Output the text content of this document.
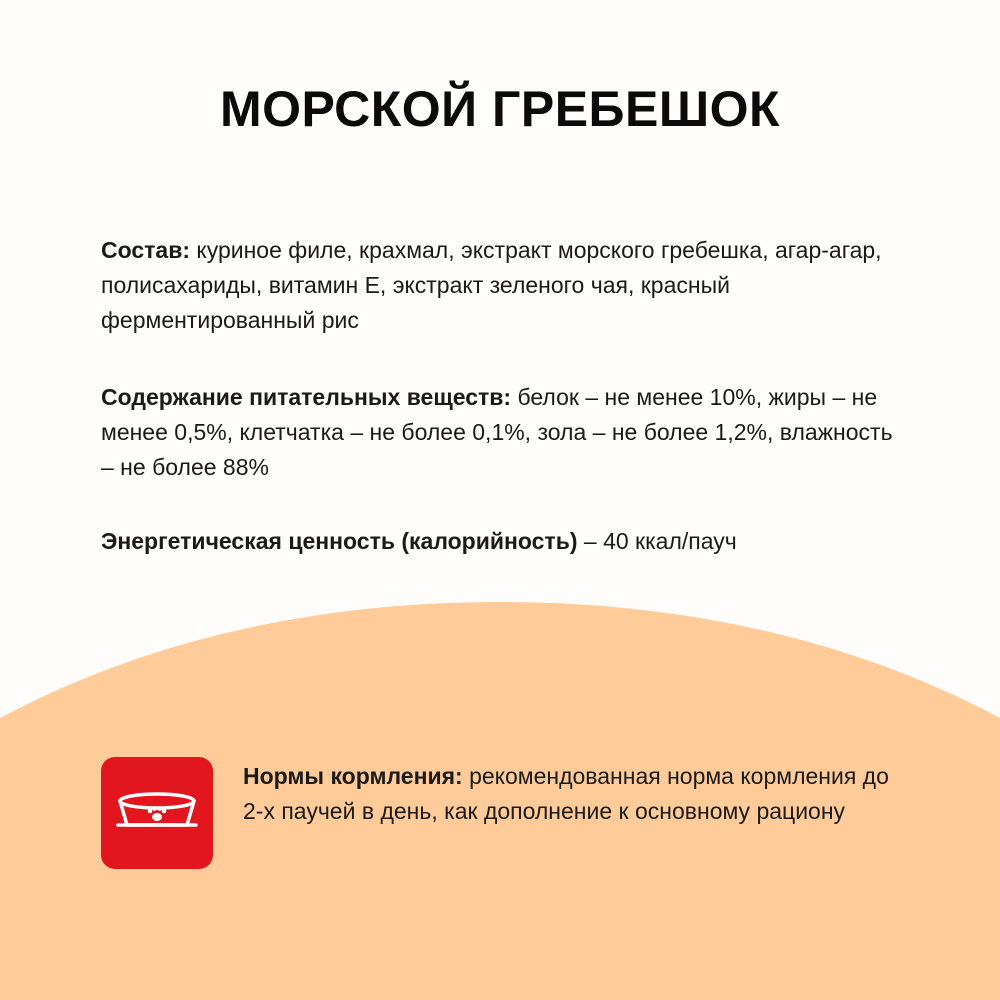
МОРСКОЙ ГРЕБЕШОК

Состав: куриное филе, крахмал, экстракт морского гребешка, агар-агар, полисахариды, витамин Е, экстракт зеленого чая, красный ферментированный рис

Содержание питательных веществ: белок – не менее 10%, жиры – не менее 0,5%, клетчатка – не более 0,1%, зола – не более 1,2%, влажность – не более 88%

Энергетическая ценность (калорийность) – 40 ккал/пауч

Нормы кормления: рекомендованная норма кормления до 2-х паучей в день, как дополнение к основному рациону
